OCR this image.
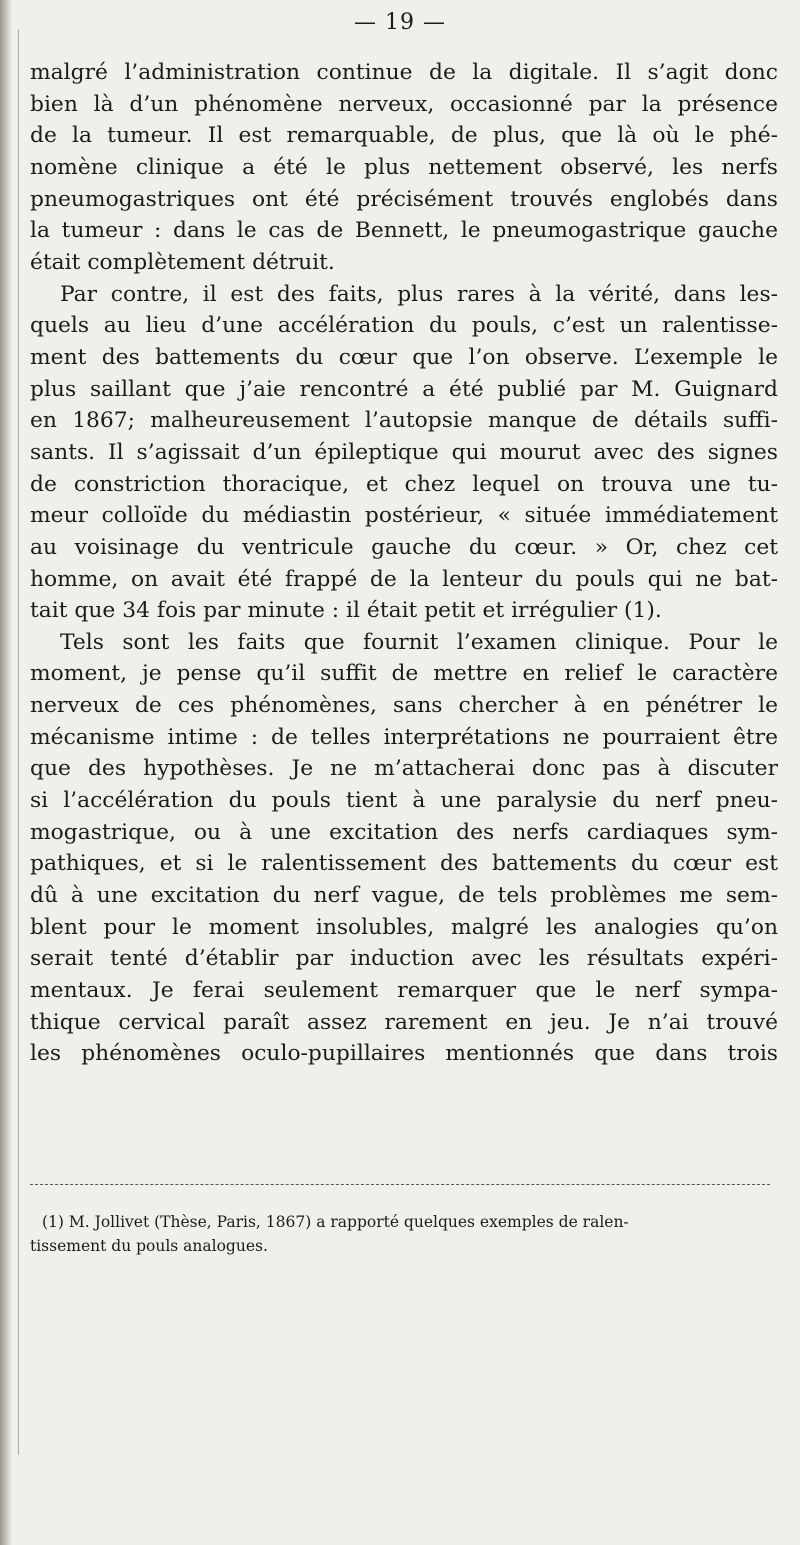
— 19 —
malgré l’administration continue de la digitale. Il s’agit donc
bien là d’un phénomène nerveux, occasionné par la présence
de la tumeur. Il est remarquable, de plus, que là où le phé-
nomène clinique a été le plus nettement observé, les nerfs
pneumogastriques ont été précisément trouvés englobés dans
la tumeur : dans le cas de Bennett, le pneumogastrique gauche
était complètement détruit.
Par contre, il est des faits, plus rares à la vérité, dans les-
quels au lieu d’une accélération du pouls, c’est un ralentisse-
ment des battements du cœur que l’on observe. L’exemple le
plus saillant que j’aie rencontré a été publié par M. Guignard
en 1867; malheureusement l’autopsie manque de détails suffi-
sants. Il s’agissait d’un épileptique qui mourut avec des signes
de constriction thoracique, et chez lequel on trouva une tu-
meur colloïde du médiastin postérieur, « située immédiatement
au voisinage du ventricule gauche du cœur. » Or, chez cet
homme, on avait été frappé de la lenteur du pouls qui ne bat-
tait que 34 fois par minute : il était petit et irrégulier (1).
Tels sont les faits que fournit l’examen clinique. Pour le
moment, je pense qu’il suffit de mettre en relief le caractère
nerveux de ces phénomènes, sans chercher à en pénétrer le
mécanisme intime : de telles interprétations ne pourraient être
que des hypothèses. Je ne m’attacherai donc pas à discuter
si l’accélération du pouls tient à une paralysie du nerf pneu-
mogastrique, ou à une excitation des nerfs cardiaques sym-
pathiques, et si le ralentissement des battements du cœur est
dû à une excitation du nerf vague, de tels problèmes me sem-
blent pour le moment insolubles, malgré les analogies qu’on
serait tenté d’établir par induction avec les résultats expéri-
mentaux. Je ferai seulement remarquer que le nerf sympa-
thique cervical paraît assez rarement en jeu. Je n’ai trouvé
les phénomènes oculo-pupillaires mentionnés que dans trois
(1) M. Jollivet (Thèse, Paris, 1867) a rapporté quelques exemples de ralen-
tissement du pouls analogues.
